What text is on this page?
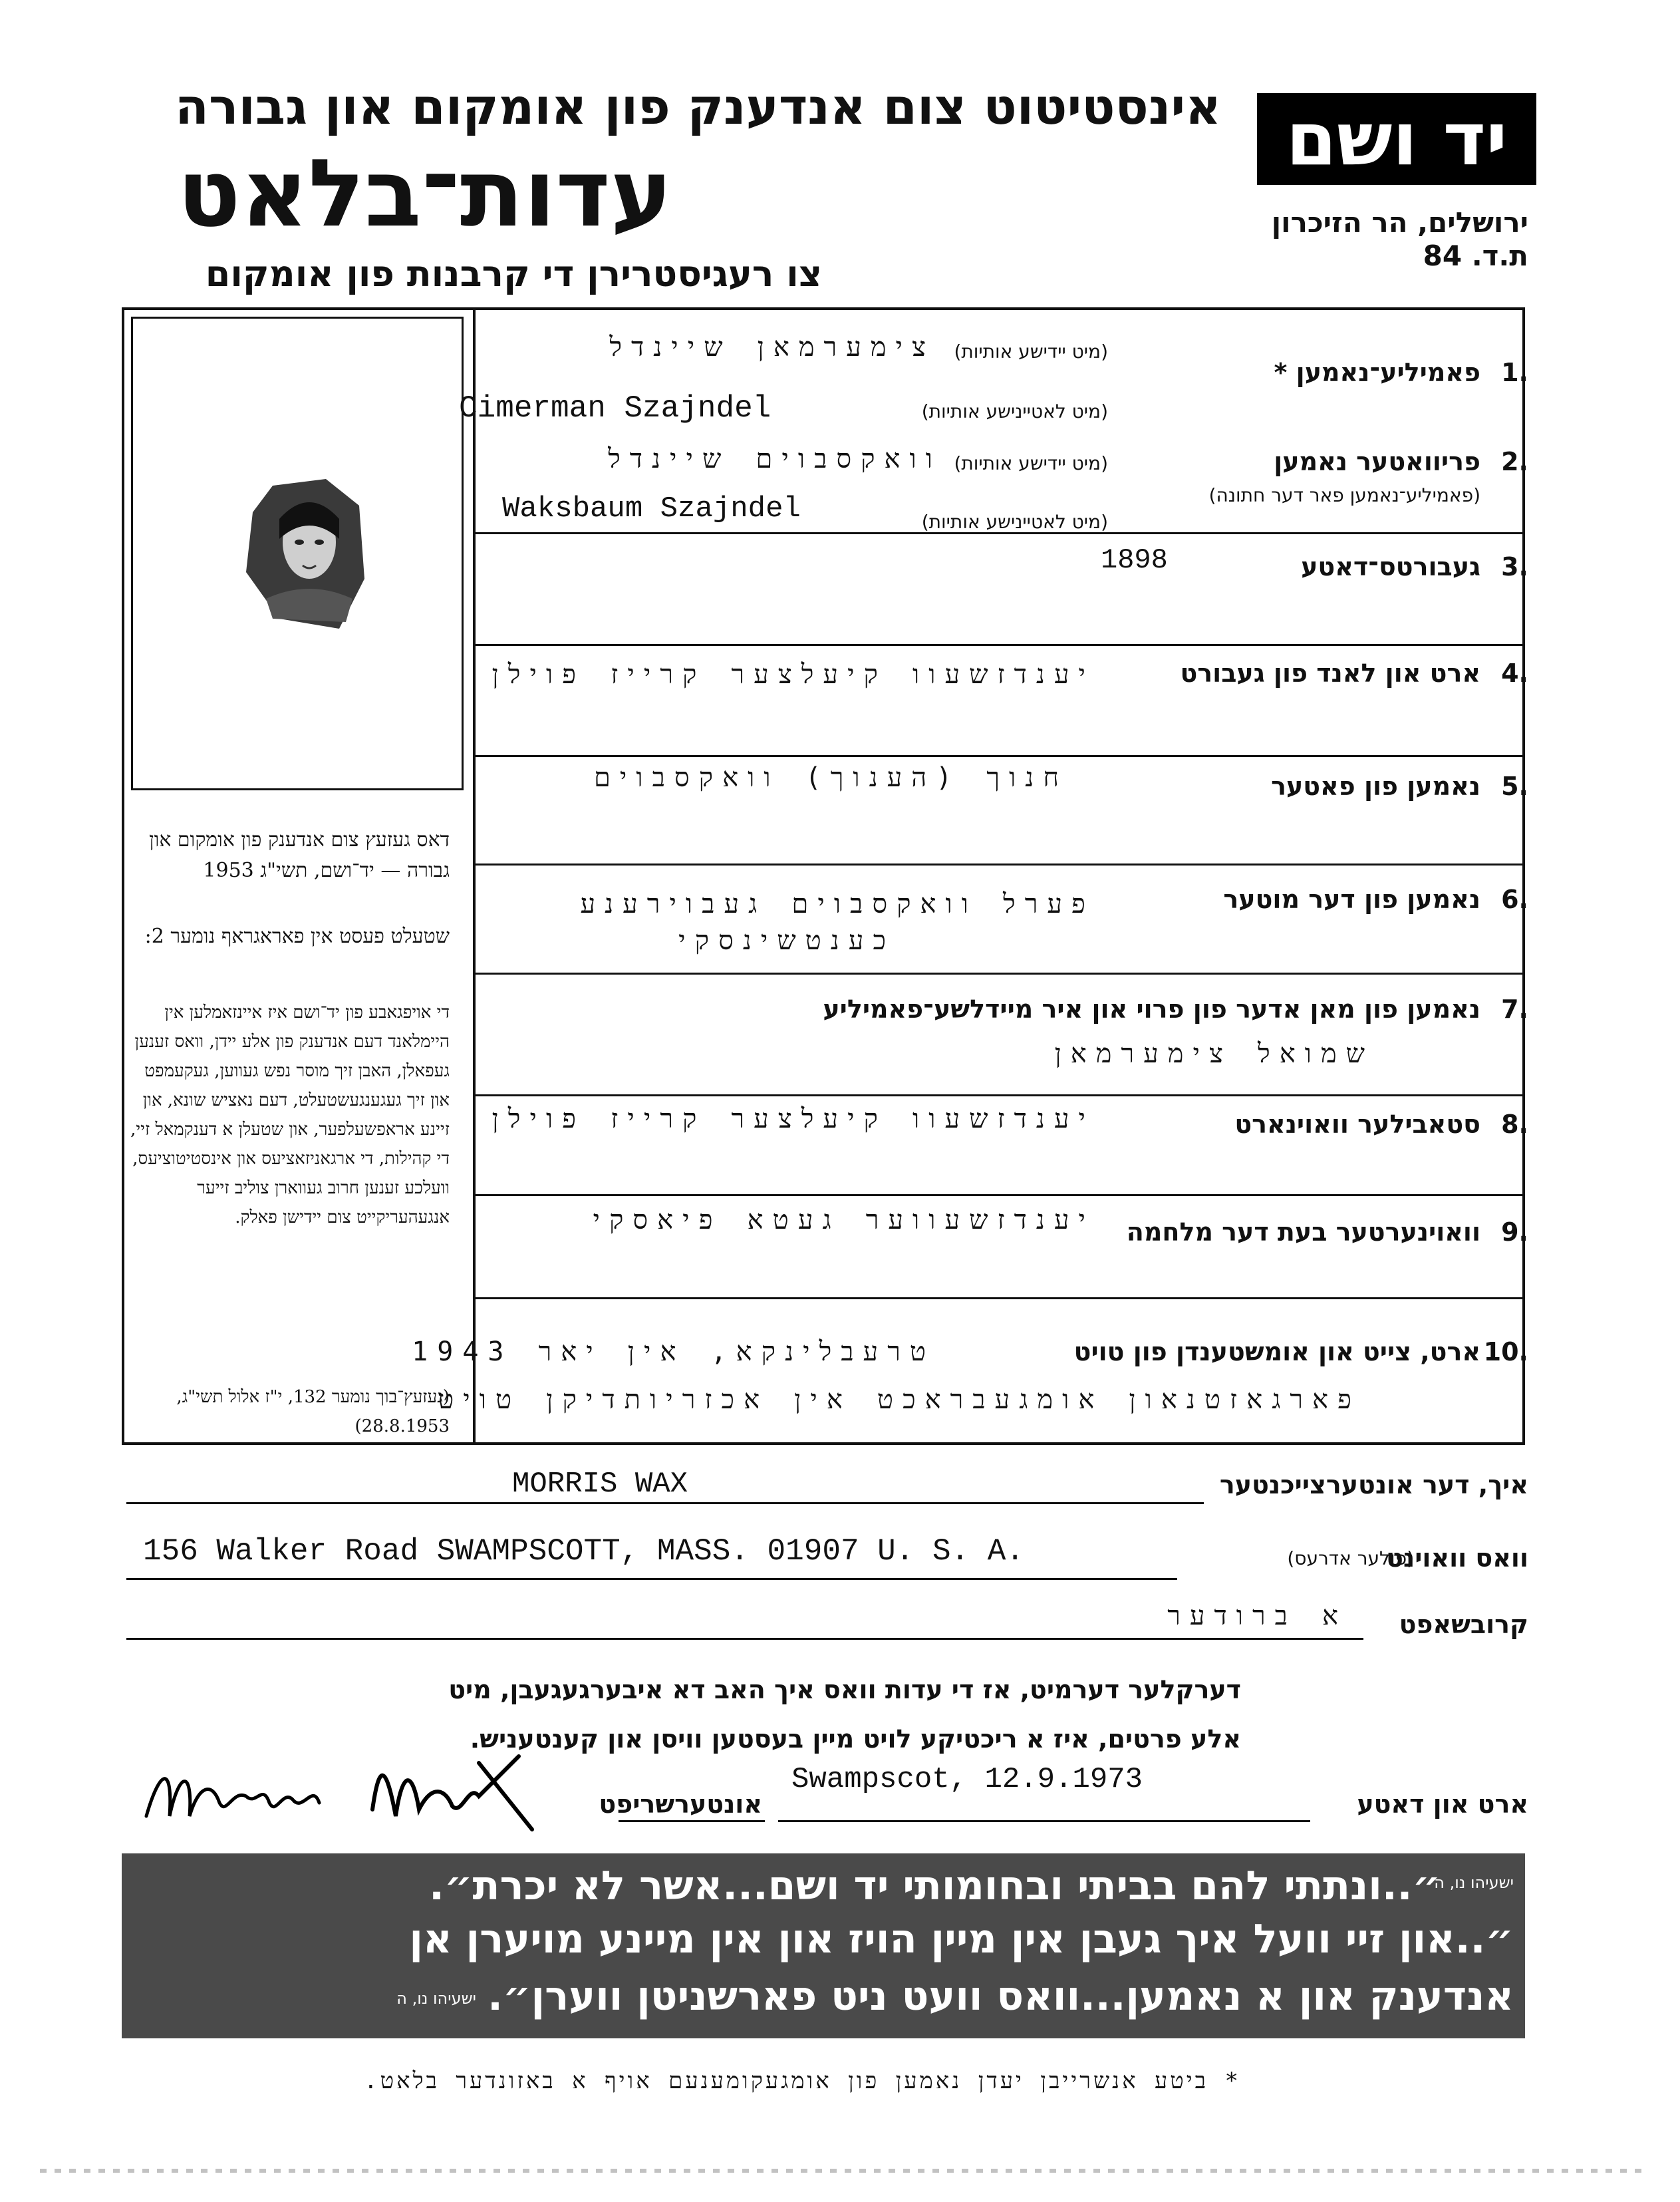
יד ושם
ירושלים, הר הזיכרון
ת.ד. 84
אינסטיטוט צום אנדענק פון אומקום און גבורה
עדות־בלאט
צו רעגיסטרירן די קרבנות פון אומקום
דאס געזעץ צום אנדענק פון אומקום און גבורה — יד־ושם, תשי"ג 1953
שטעלט פעסט אין פאראגראף נומער 2:
די אויפגאבע פון יד־ושם איז איינזאמלען אין היימלאנד דעם אנדענק פון אלע יידן, וואס זענען געפאלן, האבן זיך מוסר נפש געווען, געקעמפט און זיך געגענגעשטעלט, דעם נאציש שונא, און זיינע אראפשעלפער, און שטעלן א דענקמאל זיי, די קהילות, די ארגאניזאציעס און אינסטיטוציעס, וועלכע זענען חרוב געווארן צוליב זייער אנגעהעריקייט צום יידישן פאלק.
(געזעץ־בוך נומער 132, י"ז אלול תשי"ג, 28.8.1953)
1.
פאמיליע־נאמען *
(מיט יידישע אותיות)
צימערמאן שיינדל
(מיט לאטיינישע אותיות)
Cimerman Szajndel
2.
פריוואטער נאמען
(פאמיליע־נאמען פאר דער חתונה)
(מיט יידישע אותיות)
וואקסבוים שיינדל
(מיט לאטיינישע אותיות)
Waksbaum Szajndel
3.
געבורטס־דאטע
1898
4.
ארט און לאנד פון געבורט
יענדזשעוו קיעלצער קרייז פוילן
5.
נאמען פון פאטער
חנוך (הענוך) וואקסבוים
6.
נאמען פון דער מוטער
פערל וואקסבוים געבוירענע
כענטשינסקי
7.
נאמען פון מאן אדער פון פרוי און איר מיידלשע־פאמיליע
שמואל צימערמאן
8.
סטאבילער וואוינארט
יענדזשעוו קיעלצער קרייז פוילן
9.
וואוינערטער בעת דער מלחמה
יענדזשעווער געטא פיאסקי
10.
ארט, צייט און אומשטענדן פון טויט
טרעבלינקא, אין יאר 1943
פארגאזטנאון אומגעבראכט אין אכזריותדיקן טויט
איך, דער אונטערצייכנטער
MORRIS WAX
וואס וואוינט
(פולער אדרעס)
156 Walker Road SWAMPSCOTT, MASS. 01907 U. S. A.
קרובשאפט
א ברודער
דערקלער דערמיט, אז די עדות וואס איך האב דא איבערגעגעבן, מיט
אלע פרטים, איז א ריכטיקע לויט מיין בעסטען וויסן און קענטעניש.
ארט און דאטע
Swampscot, 12.9.1973
אונטערשריפט
״..ונתתי להם בביתי ובחומותי יד ושם...אשר לא יכרת״.
ישעיהו נו, ה
״..און זיי וועל איך געבן אין מיין הויז און אין מיינע מויערן אן
אנדענק און א נאמען...וואס וועט ניט פארשניטן ווערן״.
ישעיהו נו, ה
* ביטע אנשרייבן יעדן נאמען פון אומגעקומענעם אויף א באזונדער בלאט.
